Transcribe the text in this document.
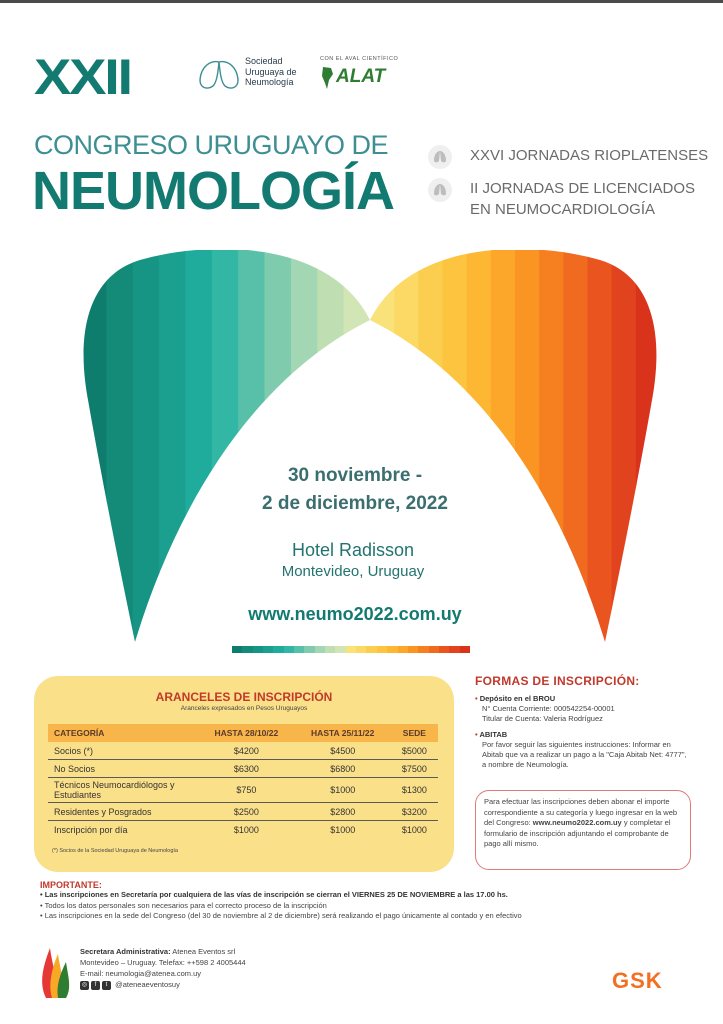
XXII	Sociedad
Uruguaya de
Neumología
CON EL AVAL CIENTÍFICO
ALAT
CONGRESO URUGUAYO DE
NEUMOLOGÍA
XXVI JORNADAS RIOPLATENSES
II JORNADAS DE LICENCIADOS
EN NEUMOCARDIOLOGÍA
30 noviembre -
2 de diciembre, 2022
Hotel Radisson
Montevideo, Uruguay
www.neumo2022.com.uy
ARANCELES DE INSCRIPCIÓN
Aranceles expresados en Pesos Uruguayos
CATEGORÍA	HASTA 28/10/22	HASTA 25/11/22	SEDE
Socios (*)	$4200	$4500	$5000
No Socios	$6300	$6800	$7500
Técnicos Neumocardiólogos y Estudiantes	$750	$1000	$1300
Residentes y Posgrados	$2500	$2800	$3200
Inscripción por día	$1000	$1000	$1000
(*) Socios de la Sociedad Uruguaya de Neumología
FORMAS DE INSCRIPCIÓN:
• Depósito en el BROU
N° Cuenta Corriente: 000542254-00001
Titular de Cuenta: Valeria Rodríguez
• ABITAB
Por favor seguir las siguientes instrucciones: Informar en Abitab que va a realizar un pago a la "Caja Abitab Net: 4777", a nombre de Neumología.
Para efectuar las inscripciones deben abonar el importe correspondiente a su categoría y luego ingresar en la web del Congreso: www.neumo2022.com.uy y completar el formulario de inscripción adjuntando el comprobante de pago allí mismo.
IMPORTANTE:
• Las inscripciones en Secretaría por cualquiera de las vías de inscripción se cierran el VIERNES 25 DE NOVIEMBRE a las 17.00 hs.
• Todos los datos personales son necesarios para el correcto proceso de la inscripción
• Las inscripciones en la sede del Congreso (del 30 de noviembre al 2 de diciembre) será realizando el pago únicamente al contado y en efectivo
Secretara Administrativa: Atenea Eventos srl
Montevideo – Uruguay. Telefax: ++598 2 4005444
E-mail: neumologia@atenea.com.uy
◎ f t @ateneaeventosuy	GSK
